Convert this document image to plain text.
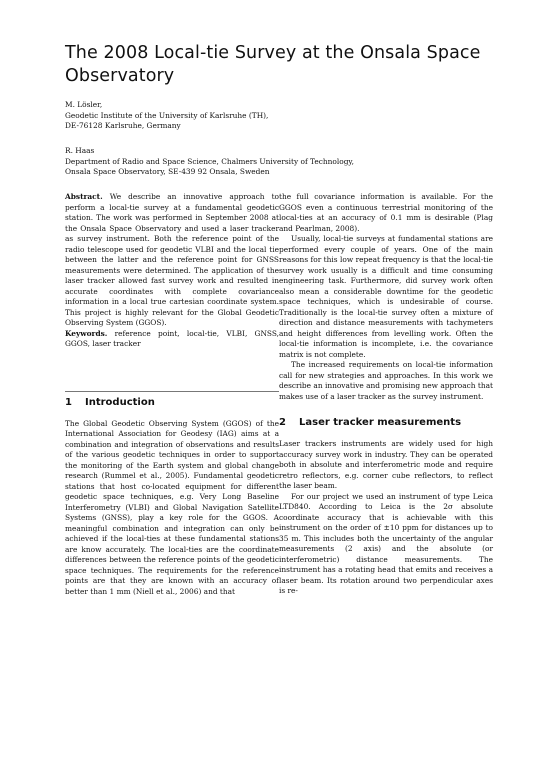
The 2008 Local-tie Survey at the Onsala Space Observatory
M. Lösler,
Geodetic Institute of the University of Karlsruhe (TH),
DE-76128 Karlsruhe, Germany
R. Haas
Department of Radio and Space Science, Chalmers University of Technology,
Onsala Space Observatory, SE-439 92 Onsala, Sweden

Abstract. We describe an innovative approach to perform a local-tie survey at a fundamental geodetic station. The work was performed in September 2008 at the Onsala Space Observatory and used a laser tracker as survey instrument. Both the reference point of the radio telescope used for geodetic VLBI and the local tie between the latter and the reference point for GNSS measurements were determined. The application of the laser tracker allowed fast survey work and resulted in accurate coordinates with complete covariance information in a local true cartesian coordinate system. This project is highly relevant for the Global Geodetic Observing System (GGOS).

Keywords. reference point, local-tie, VLBI, GNSS, GGOS, laser tracker

1 Introduction

The Global Geodetic Observing System (GGOS) of the International Association for Geodesy (IAG) aims at a combination and integration of observations and results of the various geodetic techniques in order to support the monitoring of the Earth system and global change research (Rummel et al., 2005). Fundamental geodetic stations that host co-located equipment for different geodetic space techniques, e.g. Very Long Baseline Interferometry (VLBI) and Global Navigation Satellite Systems (GNSS), play a key role for the GGOS. A meaningful combination and integration can only be achieved if the local-ties at these fundamental stations are know accurately. The local-ties are the coordinate differences between the reference points of the geodetic space techniques. The requirements for the reference points are that they are known with an accuracy of better than 1 mm (Niell et al., 2006) and that

the full covariance information is available. For the GGOS even a continuous terrestrial monitoring of the local-ties at an accuracy of 0.1 mm is desirable (Plag and Pearlman, 2008).

Usually, local-tie surveys at fundamental stations are performed every couple of years. One of the main reasons for this low repeat frequency is that the local-tie survey work usually is a difficult and time consuming engineering task. Furthermore, did survey work often also mean a considerable downtime for the geodetic space techniques, which is undesirable of course. Traditionally is the local-tie survey often a mixture of direction and distance measurements with tachymeters and height differences from levelling work. Often the local-tie information is incomplete, i.e. the covariance matrix is not complete.

The increased requirements on local-tie information call for new strategies and approaches. In this work we describe an innovative and promising new approach that makes use of a laser tracker as the survey instrument.

2 Laser tracker measurements

Laser trackers instruments are widely used for high accuracy survey work in industry. They can be operated both in absolute and interferometric mode and require retro reflectors, e.g. corner cube reflectors, to reflect the laser beam.

For our project we used an instrument of type Leica LTD840. According to Leica is the 2σ absolute coordinate accuracy that is achievable with this instrument on the order of ±10 ppm for distances up to 35 m. This includes both the uncertainty of the angular measurements (2 axis) and the absolute (or interferometric) distance measurements. The instrument has a rotating head that emits and receives a laser beam. Its rotation around two perpendicular axes is re-
